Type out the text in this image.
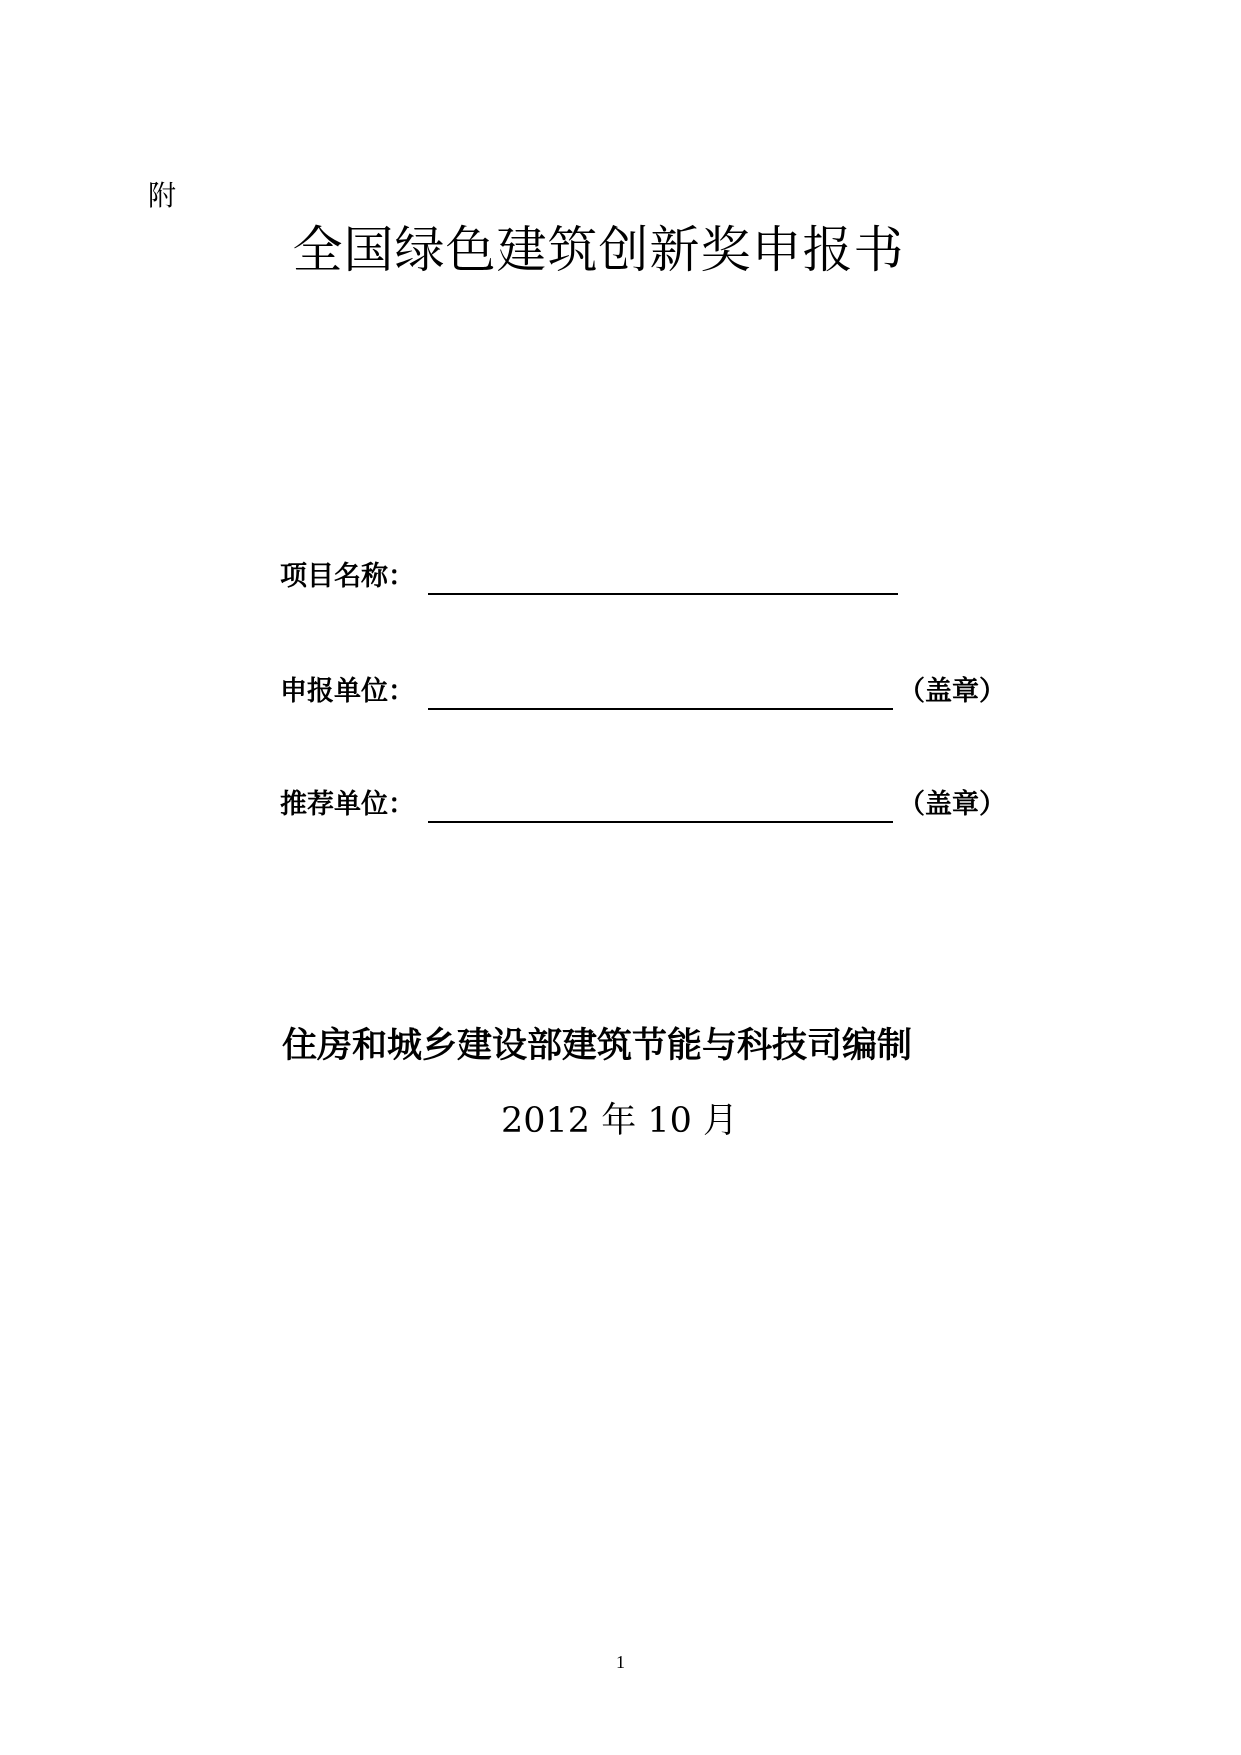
附
全国绿色建筑创新奖申报书
项目名称：
申报单位：	（盖章）
推荐单位：	（盖章）
住房和城乡建设部建筑节能与科技司编制
2012 年 10 月
1
